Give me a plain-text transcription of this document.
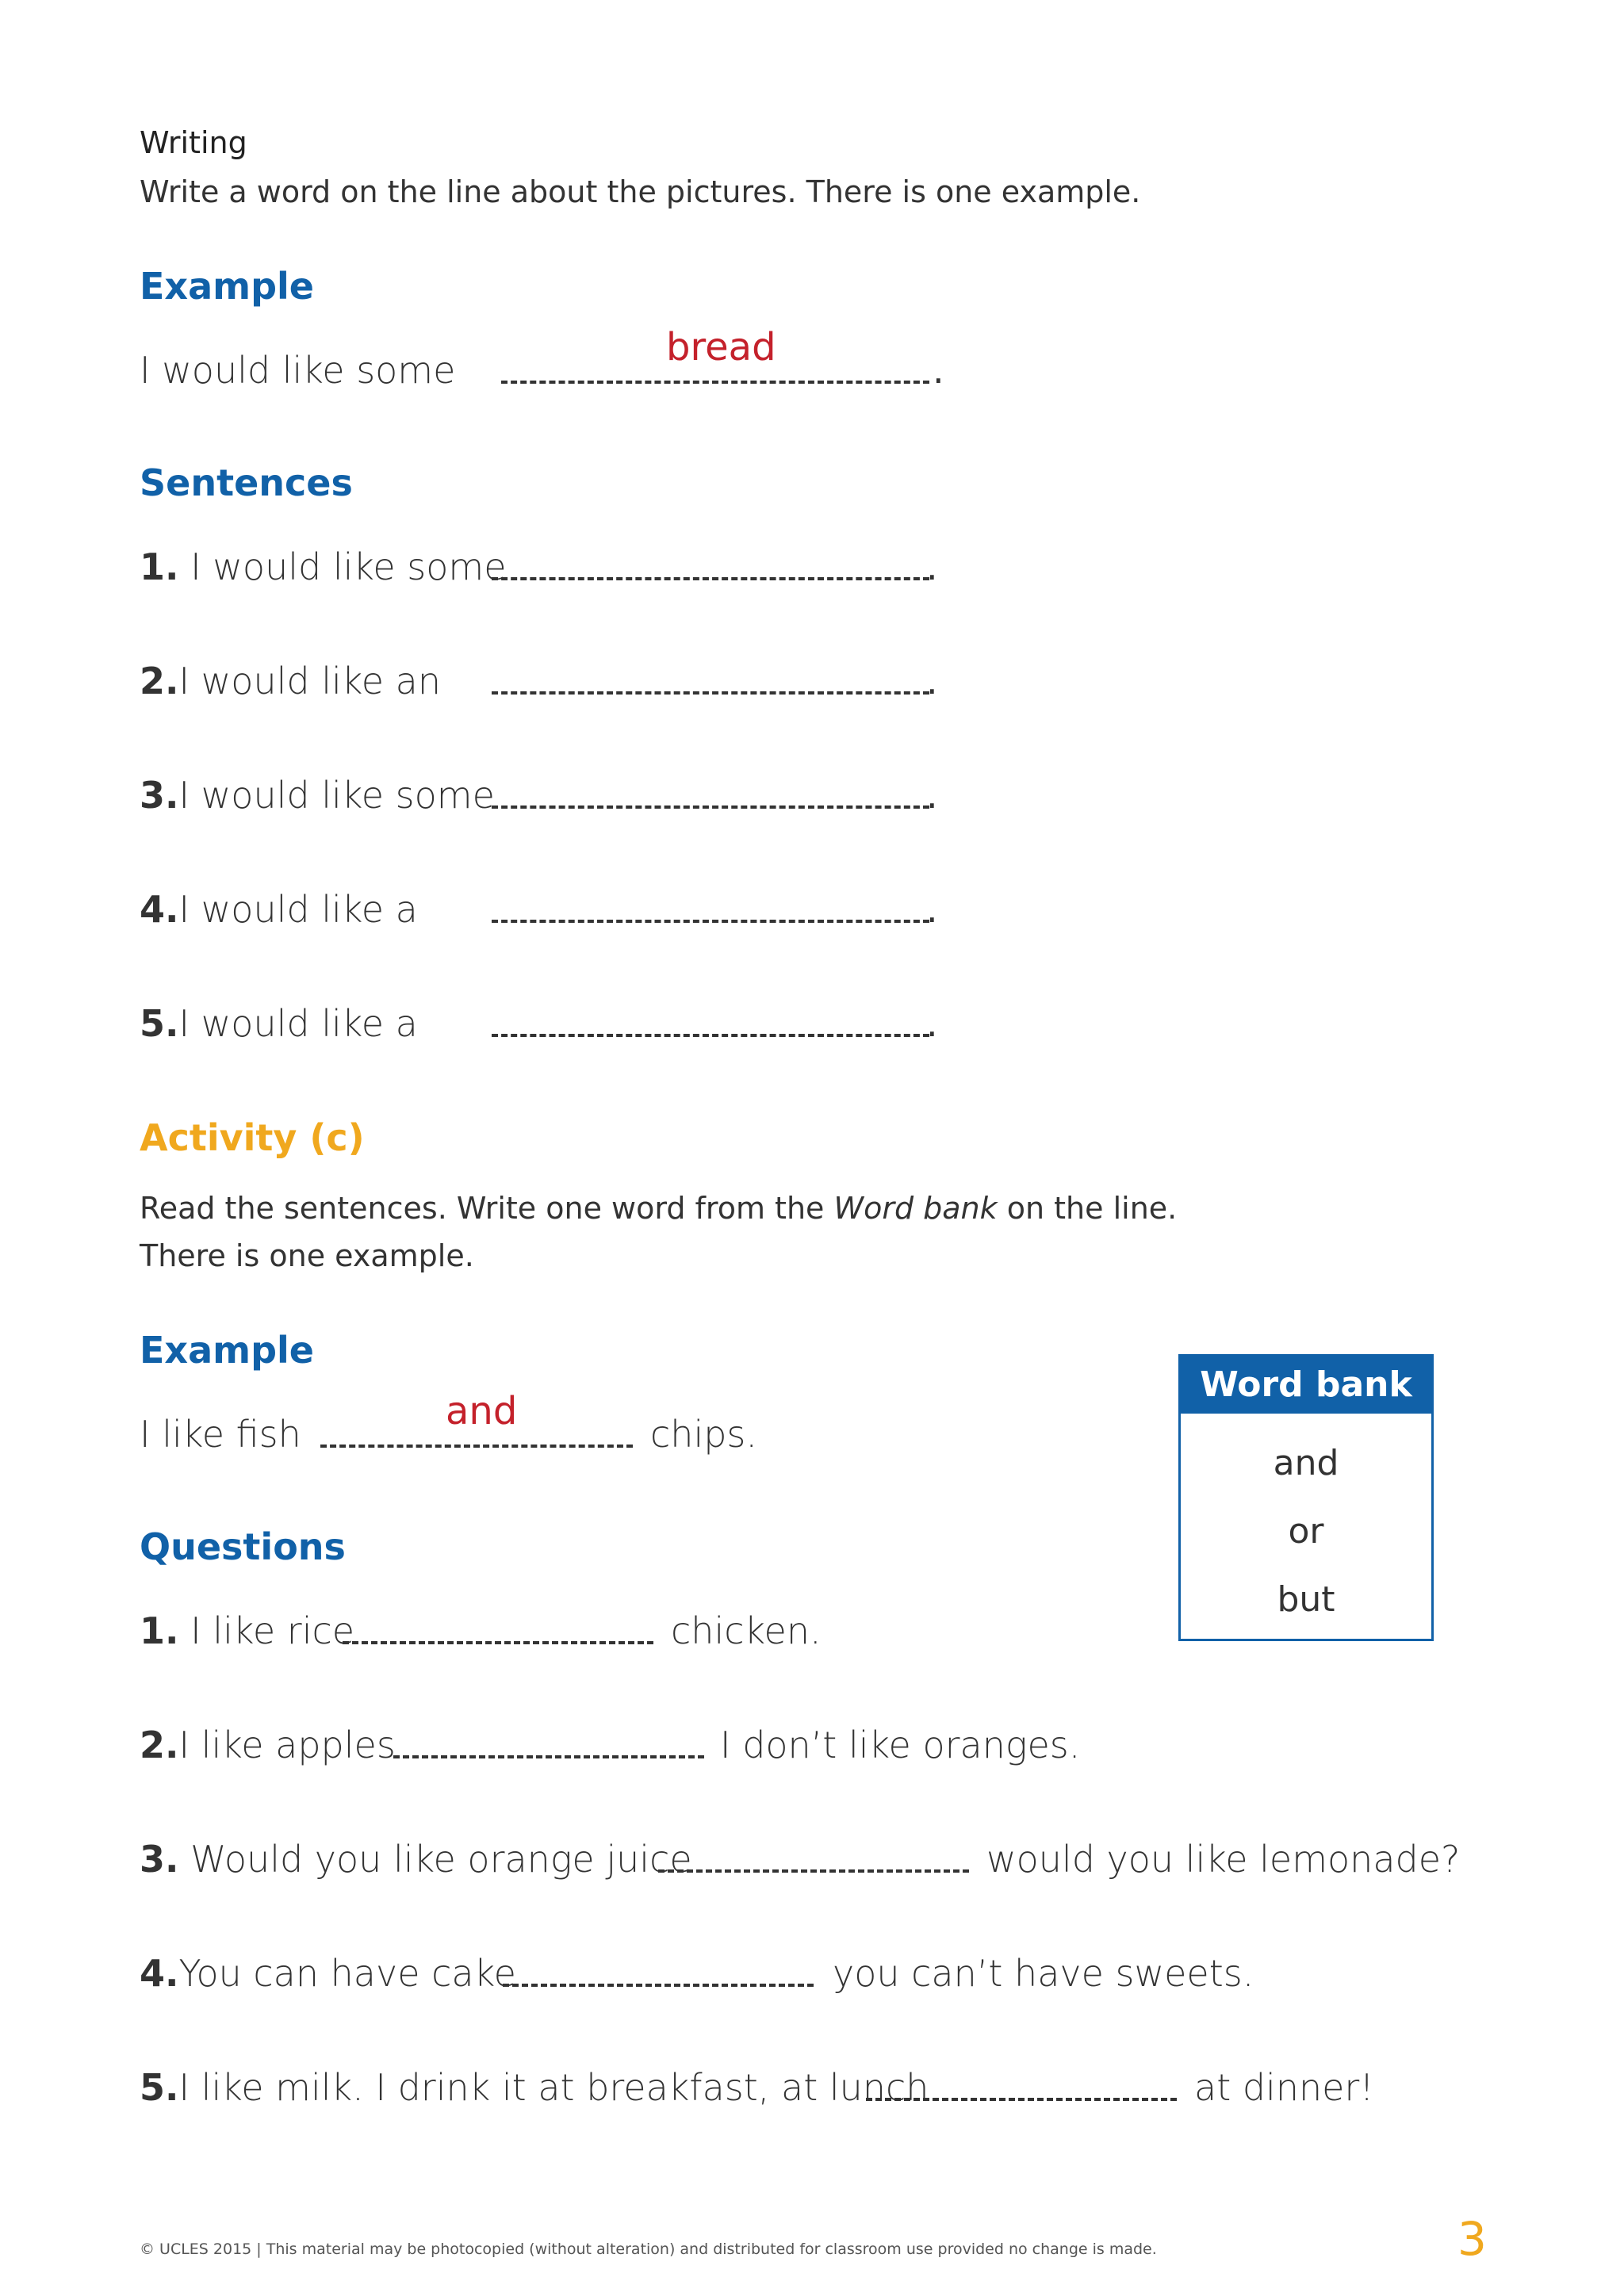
Writing
Write a word on the line about the pictures. There is one example.
Example
I would like some
bread
.
Sentences
1. I would like some	.
2.I would like an	.
3.I would like some	.
4.I would like a	.
5.I would like a	.
Activity (c)
Read the sentences. Write one word from the Word bank on the line.
There is one example.
Example
I like fish
and
chips.
Questions
1. I like rice	chicken.
2.I like apples	I don’t like oranges.
3. Would you like orange juice	would you like lemonade?
4.You can have cake	you can’t have sweets.
5.I like milk. I drink it at breakfast, at lunch	at dinner!
Word bank
and
or
but
© UCLES 2015 | This material may be photocopied (without alteration) and distributed for classroom use provided no change is made.	3
